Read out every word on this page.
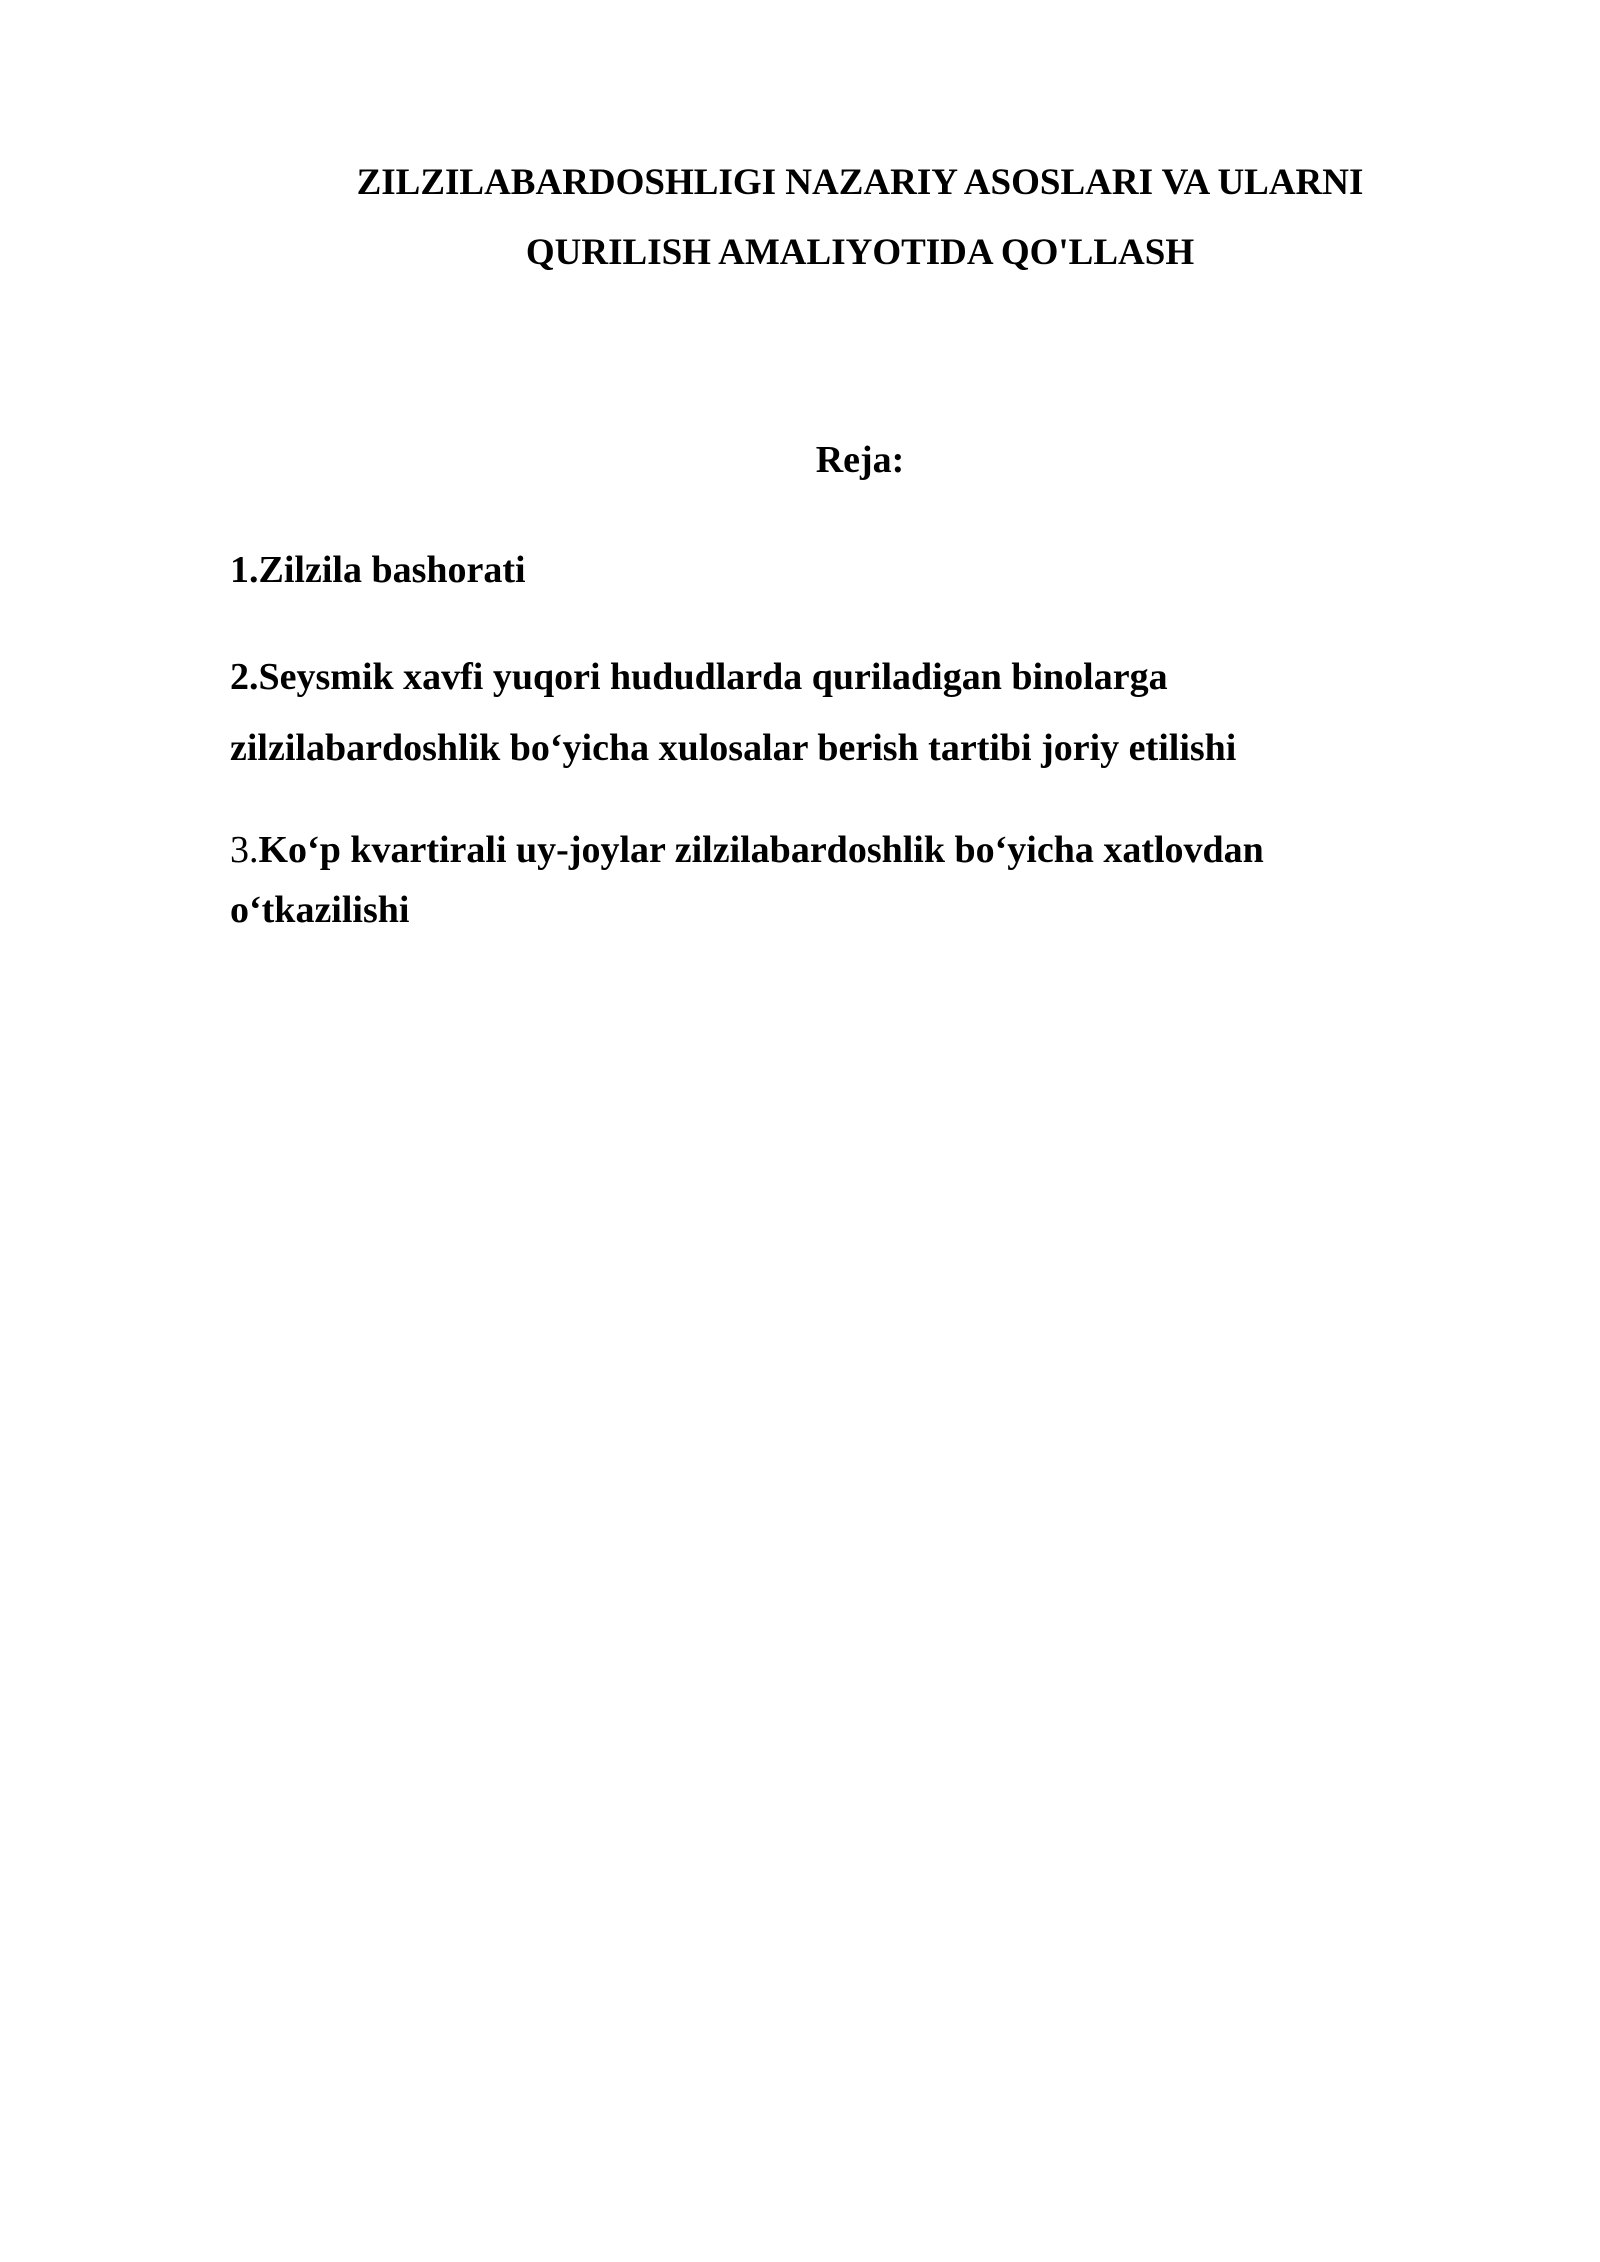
ZILZILABARDOSHLIGI NAZARIY ASOSLARI VA ULARNI
QURILISH AMALIYOTIDA QO'LLASH
Reja:
1.Zilzila bashorati
2.Seysmik xavfi yuqori hududlarda quriladigan binolarga zilzilabardoshlik bo‘yicha xulosalar berish tartibi joriy etilishi
3.Ko‘p kvartirali uy-joylar zilzilabardoshlik bo‘yicha xatlovdan o‘tkazilishi
